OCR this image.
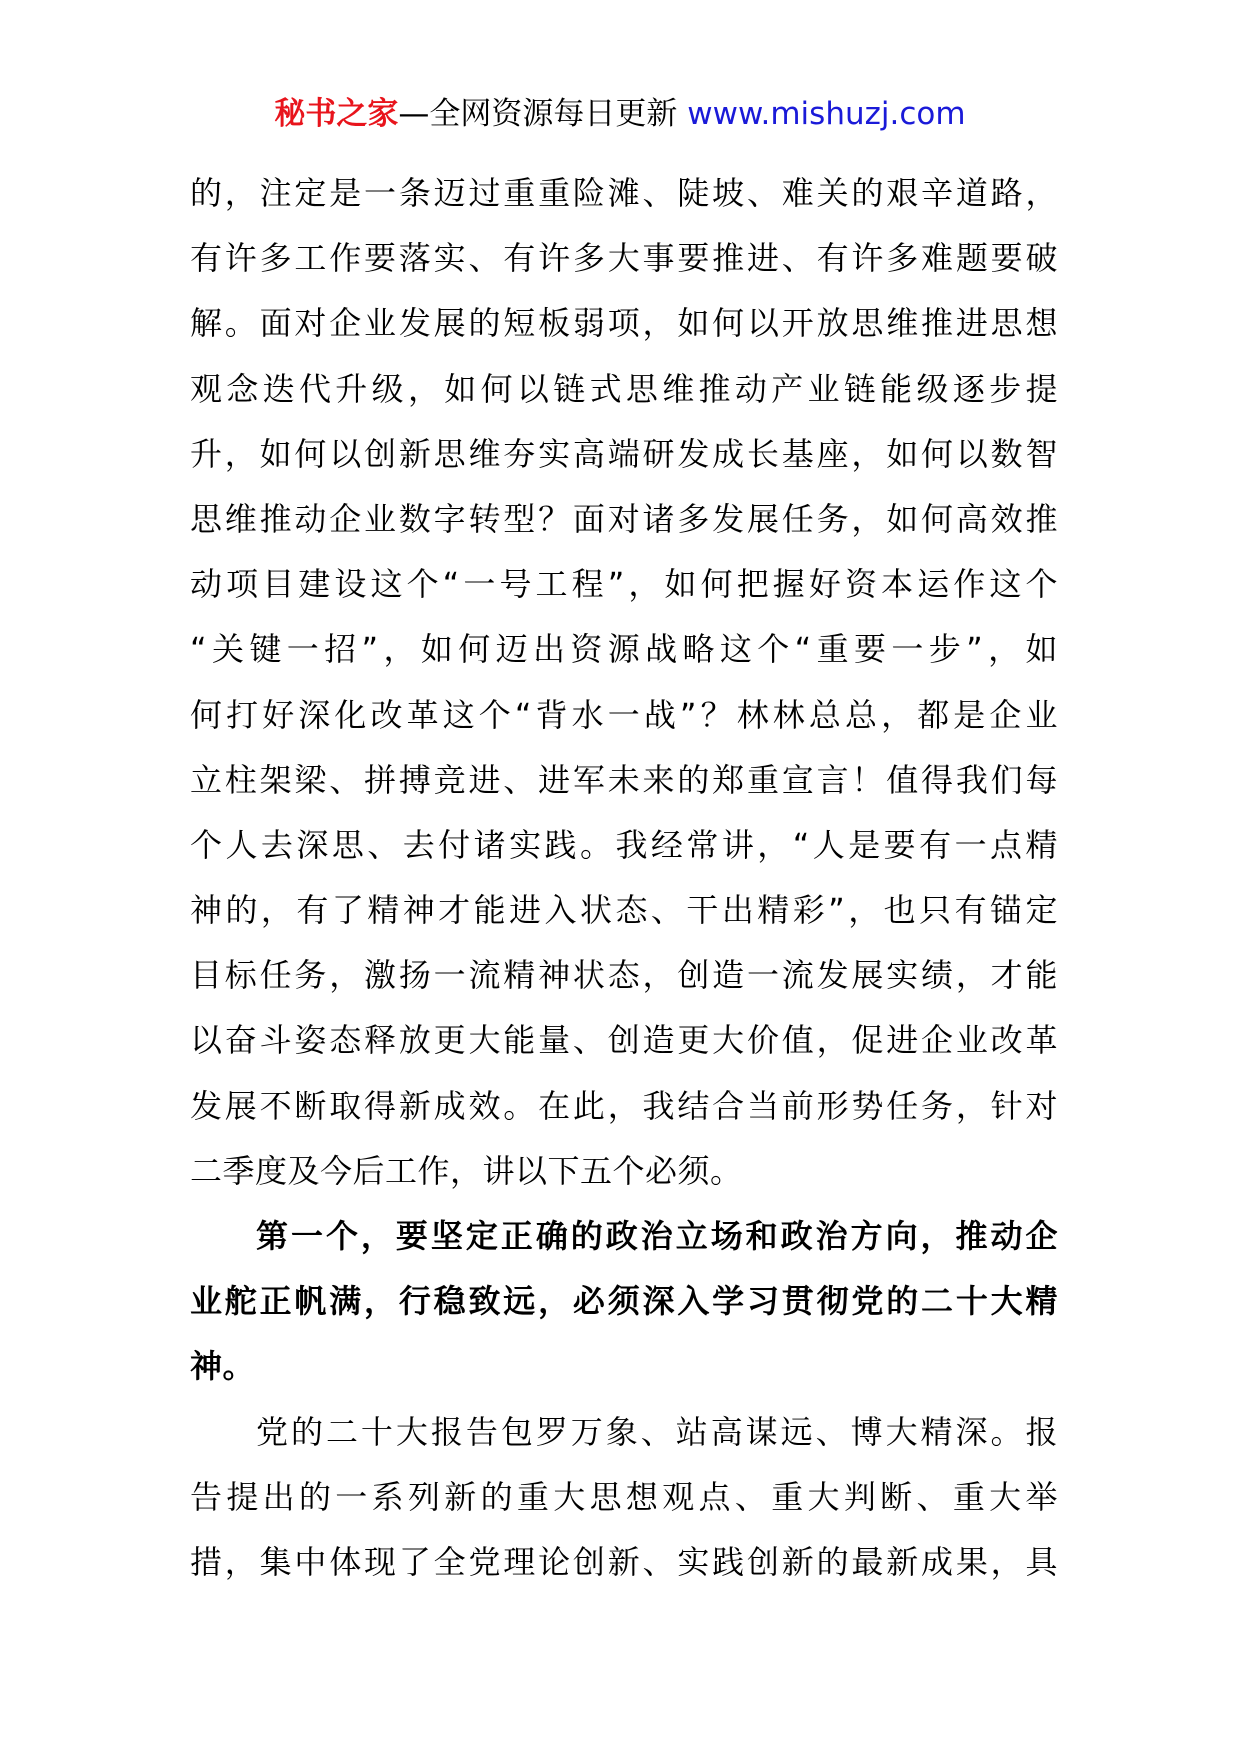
秘书之家—全网资源每日更新 www.mishuzj.com
的，注定是一条迈过重重险滩、陡坡、难关的艰辛道路，
有许多工作要落实、有许多大事要推进、有许多难题要破
解。面对企业发展的短板弱项，如何以开放思维推进思想
观念迭代升级，如何以链式思维推动产业链能级逐步提
升，如何以创新思维夯实高端研发成长基座，如何以数智
思维推动企业数字转型？面对诸多发展任务，如何高效推
动项目建设这个“一号工程”，如何把握好资本运作这个
“关键一招”，如何迈出资源战略这个“重要一步”，如
何打好深化改革这个“背水一战”？林林总总，都是企业
立柱架梁、拼搏竞进、进军未来的郑重宣言！值得我们每
个人去深思、去付诸实践。我经常讲，“人是要有一点精
神的，有了精神才能进入状态、干出精彩”，也只有锚定
目标任务，激扬一流精神状态，创造一流发展实绩，才能
以奋斗姿态释放更大能量、创造更大价值，促进企业改革
发展不断取得新成效。在此，我结合当前形势任务，针对
二季度及今后工作，讲以下五个必须。
第一个，要坚定正确的政治立场和政治方向，推动企
业舵正帆满，行稳致远，必须深入学习贯彻党的二十大精
神。
党的二十大报告包罗万象、站高谋远、博大精深。报
告提出的一系列新的重大思想观点、重大判断、重大举
措，集中体现了全党理论创新、实践创新的最新成果，具
